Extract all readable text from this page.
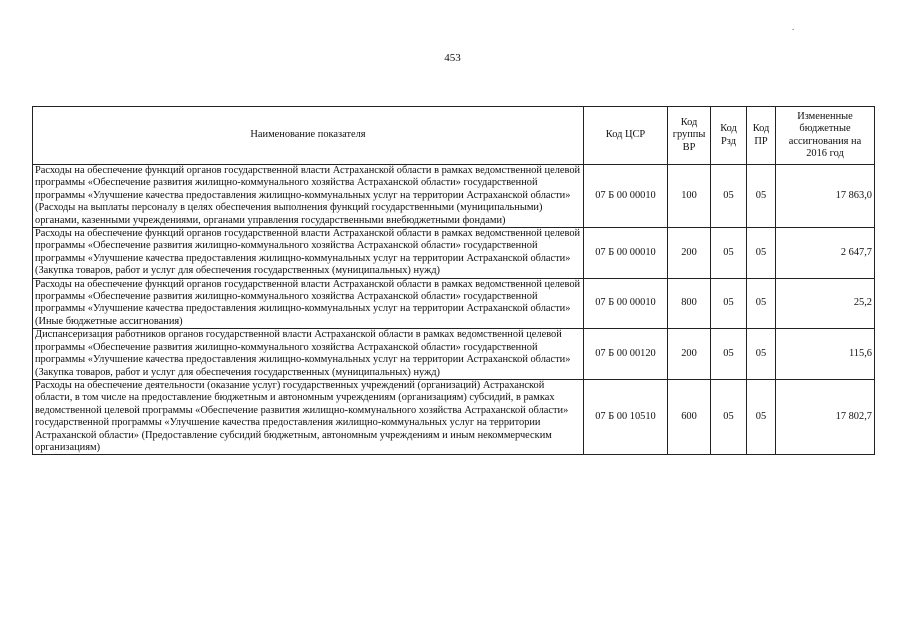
453
.
Наименование показателя	Код ЦСР	Код группы ВР	Код Рзд	Код ПР	Измененные бюджетные ассигнования на 2016 год
Расходы на обеспечение функций органов государственной власти Астраханской области в рамках ведомственной целевой программы «Обеспечение развития жилищно-коммунального хозяйства Астраханской области» государственной программы «Улучшение качества предоставления жилищно-коммунальных услуг на территории Астраханской области» (Расходы на выплаты персоналу в целях обеспечения выполнения функций государственными (муниципальными) органами, казенными учреждениями, органами управления государственными внебюджетными фондами)	07 Б 00 00010	100	05	05	17 863,0
Расходы на обеспечение функций органов государственной власти Астраханской области в рамках ведомственной целевой программы «Обеспечение развития жилищно-коммунального хозяйства Астраханской области» государственной программы «Улучшение качества предоставления жилищно-коммунальных услуг на территории Астраханской области» (Закупка товаров, работ и услуг для обеспечения государственных (муниципальных) нужд)	07 Б 00 00010	200	05	05	2 647,7
Расходы на обеспечение функций органов государственной власти Астраханской области в рамках ведомственной целевой программы «Обеспечение развития жилищно-коммунального хозяйства Астраханской области» государственной программы «Улучшение качества предоставления жилищно-коммунальных услуг на территории Астраханской области» (Иные бюджетные ассигнования)	07 Б 00 00010	800	05	05	25,2
Диспансеризация работников органов государственной власти Астраханской области в рамках ведомственной целевой программы «Обеспечение развития жилищно-коммунального хозяйства Астраханской области» государственной программы «Улучшение качества предоставления жилищно-коммунальных услуг на территории Астраханской области» (Закупка товаров, работ и услуг для обеспечения государственных (муниципальных) нужд)	07 Б 00 00120	200	05	05	115,6
Расходы на обеспечение деятельности (оказание услуг) государственных учреждений (организаций) Астраханской области, в том числе на предоставление бюджетным и автономным учреждениям (организациям) субсидий, в рамках ведомственной целевой программы «Обеспечение развития жилищно-коммунального хозяйства Астраханской области» государственной программы «Улучшение качества предоставления жилищно-коммунальных услуг на территории Астраханской области» (Предоставление субсидий бюджетным, автономным учреждениям и иным некоммерческим организациям)	07 Б 00 10510	600	05	05	17 802,7
